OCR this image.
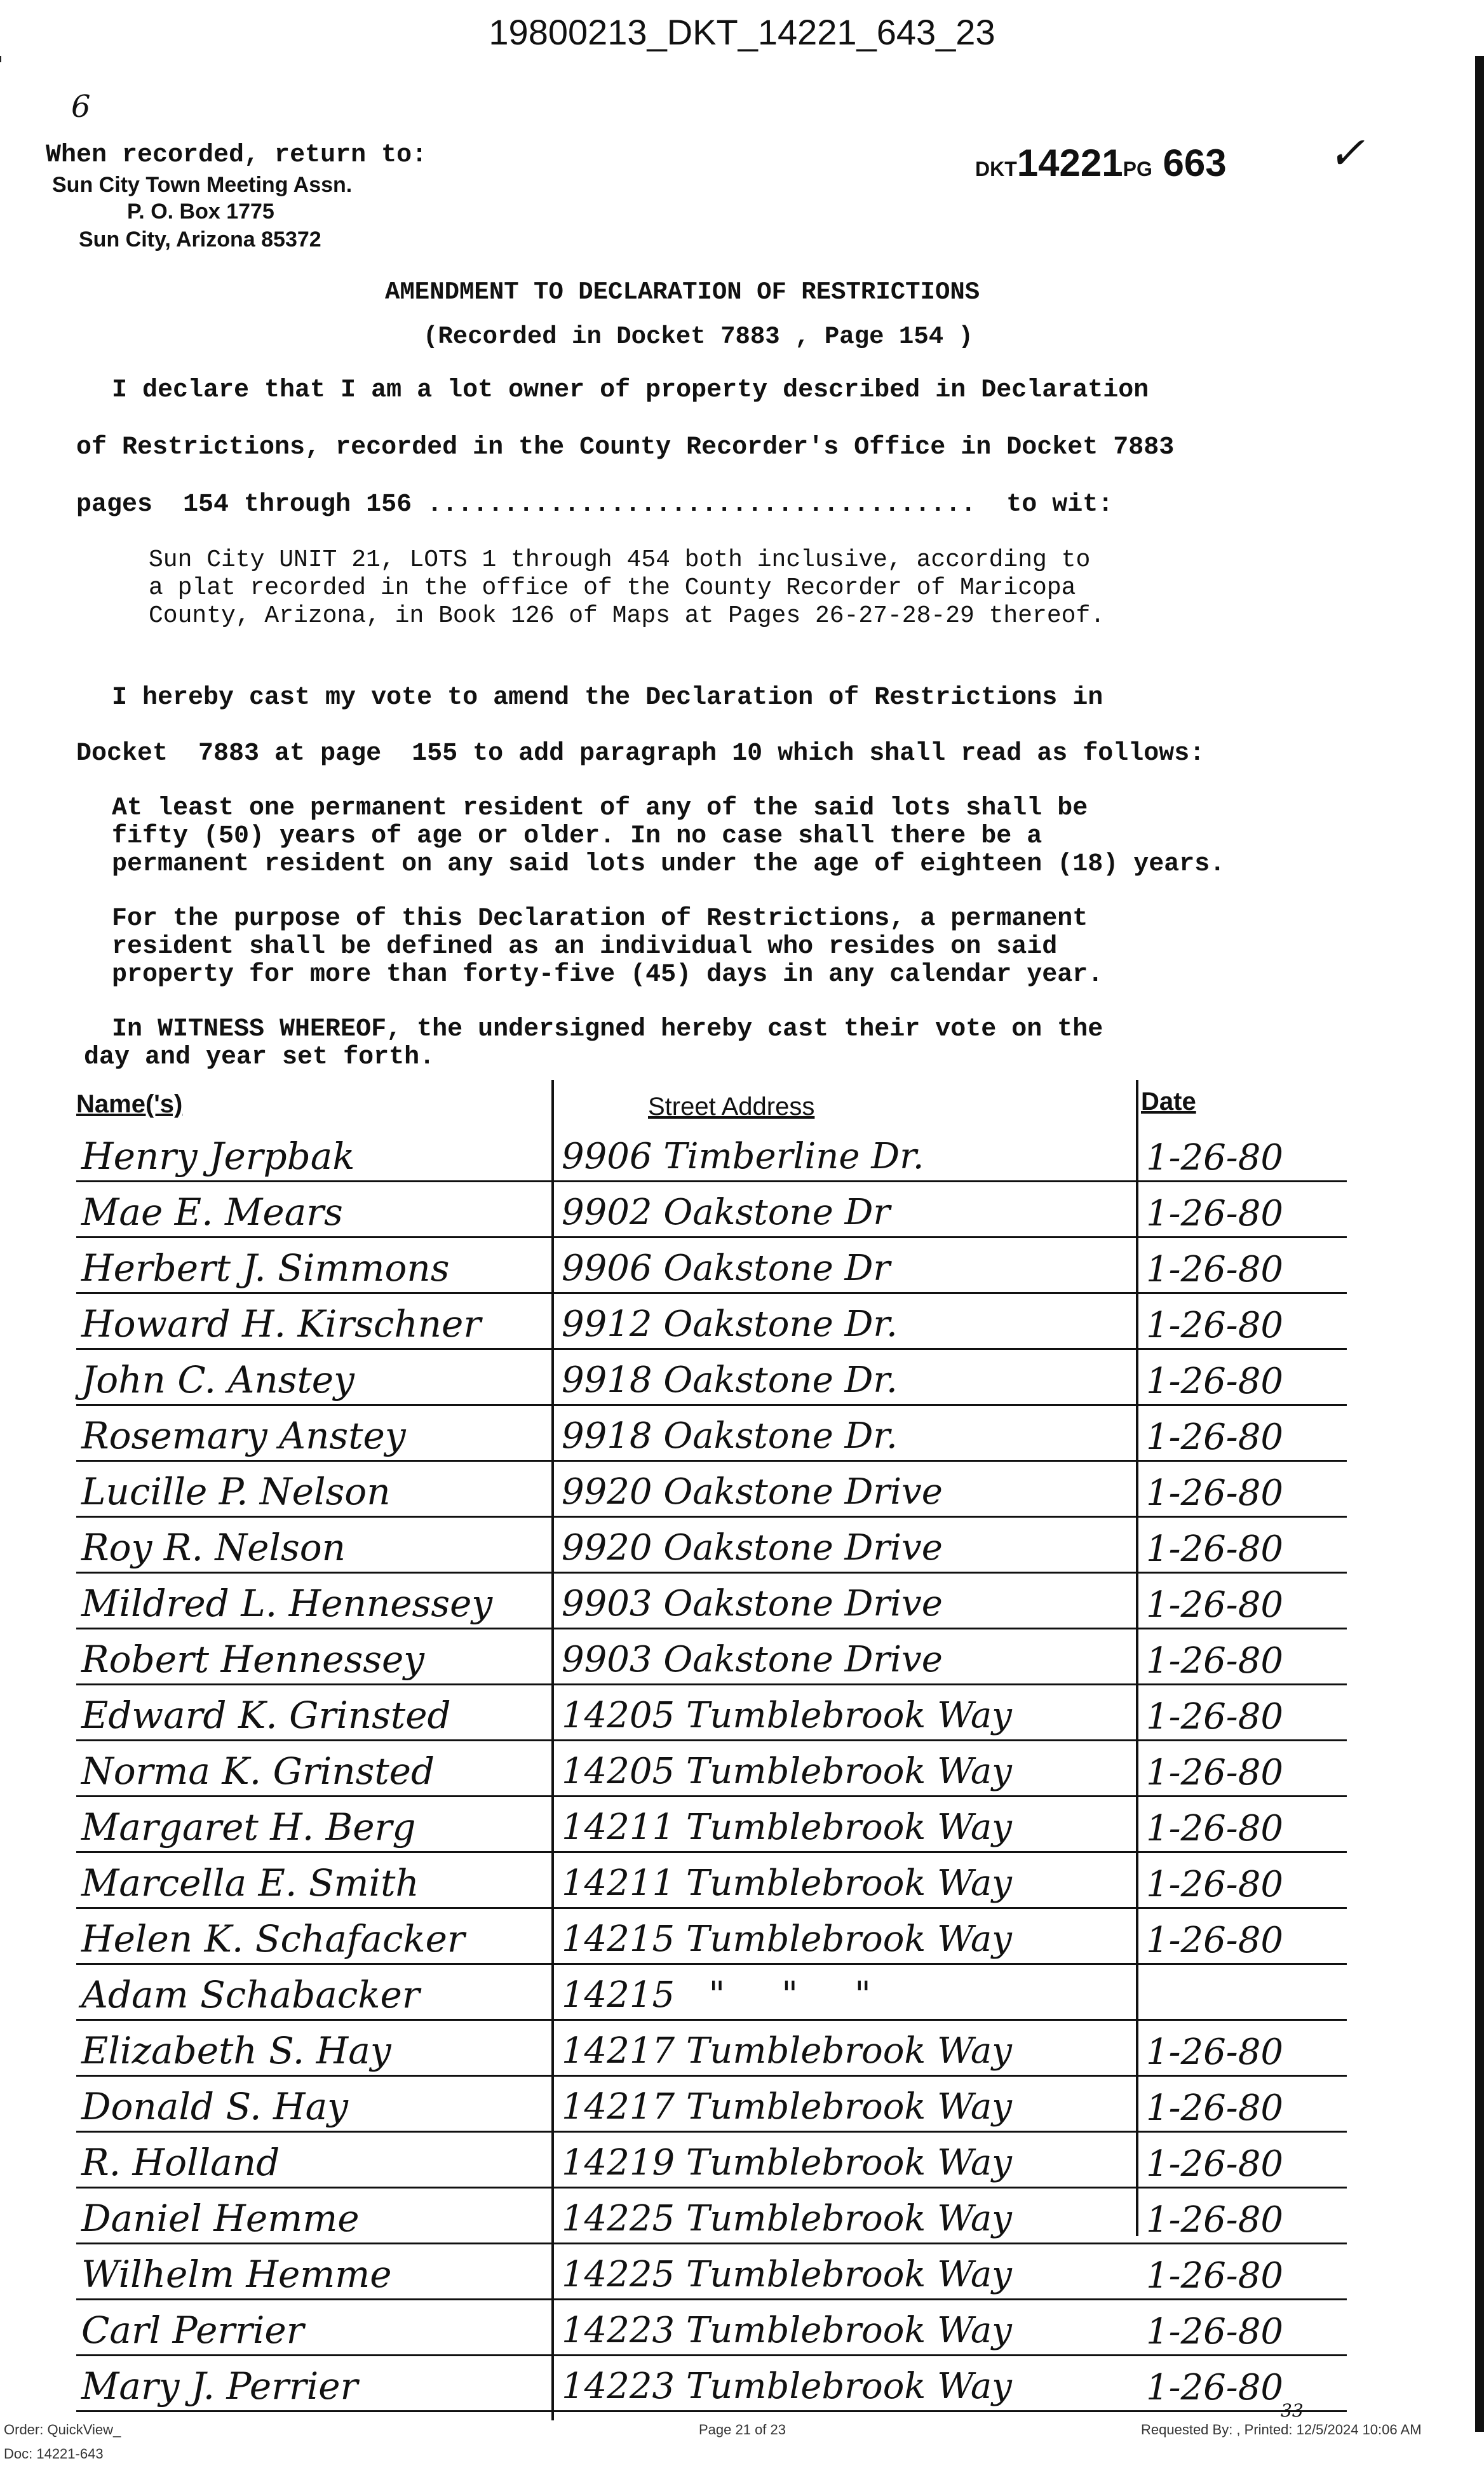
19800213_DKT_14221_643_23
6
✓
When recorded, return to:
Sun City Town Meeting Assn.
P. O. Box 1775
Sun City, Arizona 85372
DKT14221PG 663
AMENDMENT TO DECLARATION OF RESTRICTIONS
(Recorded in Docket 7883 , Page 154 )
I declare that I am a lot owner of property described in Declaration
of Restrictions, recorded in the County Recorder's Office in Docket 7883
pages  154 through 156 ....................................  to wit:
Sun City UNIT 21, LOTS 1 through 454 both inclusive, according to
a plat recorded in the office of the County Recorder of Maricopa
County, Arizona, in Book 126 of Maps at Pages 26-27-28-29 thereof.
I hereby cast my vote to amend the Declaration of Restrictions in
Docket  7883 at page  155 to add paragraph 10 which shall read as follows:
At least one permanent resident of any of the said lots shall be
fifty (50) years of age or older. In no case shall there be a
permanent resident on any said lots under the age of eighteen (18) years.
For the purpose of this Declaration of Restrictions, a permanent
resident shall be defined as an individual who resides on said
property for more than forty-five (45) days in any calendar year.
In WITNESS WHEREOF, the undersigned hereby cast their vote on the
day and year set forth.
Name('s)	Street Address	Date
Henry Jerpbak	9906 Timberline Dr.	1-26-80
Mae E. Mears	9902 Oakstone Dr	1-26-80
Herbert J. Simmons	9906 Oakstone Dr	1-26-80
Howard H. Kirschner 9912 Oakstone Dr.	1-26-80
John C. Anstey	9918 Oakstone Dr.	1-26-80
Rosemary Anstey	9918 Oakstone Dr.	1-26-80
Lucille P. Nelson	9920 Oakstone Drive	1-26-80
Roy R. Nelson	9920 Oakstone Drive	1-26-80
Mildred L. Hennessey 9903 Oakstone Drive	1-26-80
Robert Hennessey	9903 Oakstone Drive	1-26-80
Edward K. Grinsted	14205 Tumblebrook Way	1-26-80
Norma K. Grinsted	14205 Tumblebrook Way	1-26-80
Margaret H. Berg	14211 Tumblebrook Way	1-26-80
Marcella E. Smith	14211 Tumblebrook Way	1-26-80
Helen K. Schafacker	14215 Tumblebrook Way	1-26-80
Adam Schabacker	14215   "     "     "
Elizabeth S. Hay	14217 Tumblebrook Way	1-26-80
Donald S. Hay	14217 Tumblebrook Way	1-26-80
R. Holland	14219 Tumblebrook Way	1-26-80
Daniel Hemme	14225 Tumblebrook Way	1-26-80
Wilhelm Hemme	14225 Tumblebrook Way	1-26-80
Carl Perrier	14223 Tumblebrook Way	1-26-80
Mary J. Perrier	14223 Tumblebrook Way	1-26-80
33
Order: QuickView_
Doc: 14221-643
Page 21 of 23	Requested By: , Printed: 12/5/2024 10:06 AM
